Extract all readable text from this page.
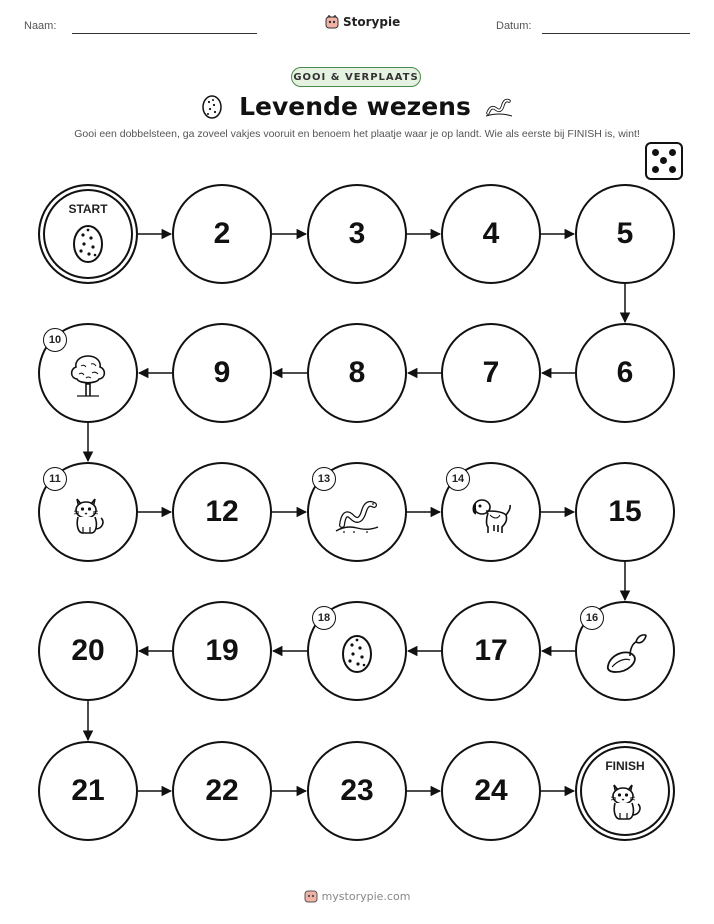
Naam:	Storypie	Datum:
GOOI & VERPLAATS
Levende wezens
Gooi een dobbelsteen, ga zoveel vakjes vooruit en benoem het plaatje waar je op landt. Wie als eerste bij FINISH is, wint!
START
2	3	4	5
6
7
8
9
10
11
12
13	14
15
16
17
18
19
20
21	22	23	24
FINISH
mystorypie.com
